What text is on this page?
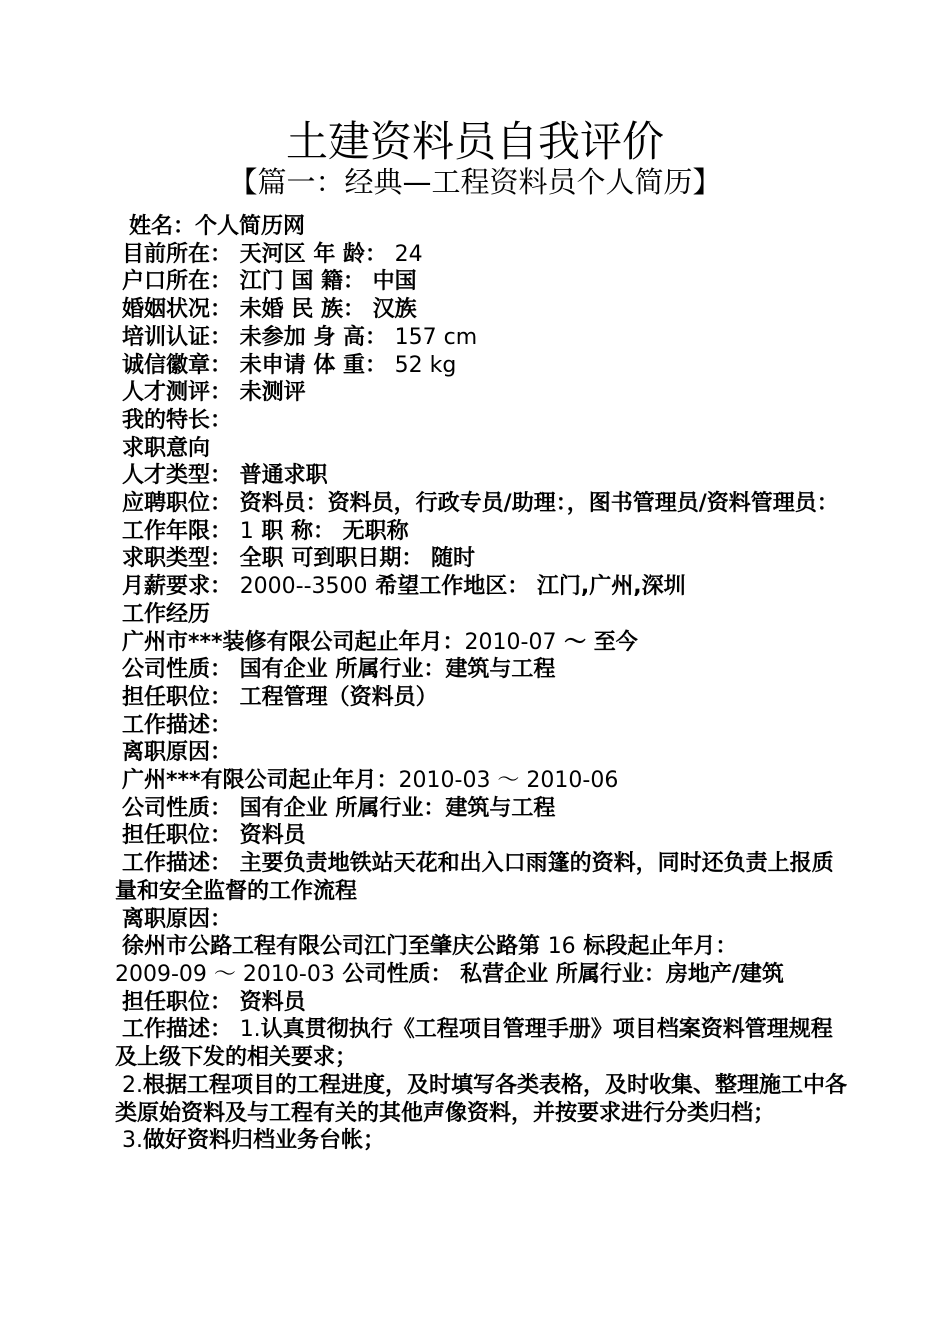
土建资料员自我评价
【篇一：经典—工程资料员个人简历】
姓名：个人简历网
目前所在： 天河区 年 龄： 24
户口所在： 江门 国 籍： 中国
婚姻状况： 未婚 民 族： 汉族
培训认证： 未参加 身 高： 157 cm
诚信徽章： 未申请 体 重： 52 kg
人才测评： 未测评
我的特长：
求职意向
人才类型： 普通求职
应聘职位： 资料员：资料员，行政专员/助理：，图书管理员/资料管理员：
工作年限： 1 职 称： 无职称
求职类型： 全职 可到职日期： 随时
月薪要求： 2000--3500 希望工作地区： 江门,广州,深圳
工作经历
广州市***装修有限公司起止年月：2010-07 ～ 至今
公司性质： 国有企业 所属行业：建筑与工程
担任职位： 工程管理（资料员）
工作描述：
离职原因：
广州***有限公司起止年月：2010-03 ～ 2010-06
公司性质： 国有企业 所属行业：建筑与工程
担任职位： 资料员
工作描述： 主要负责地铁站天花和出入口雨篷的资料，同时还负责上报质量和安全监督的工作流程
离职原因：
徐州市公路工程有限公司江门至肇庆公路第 16 标段起止年月：
2009-09 ～ 2010-03 公司性质： 私营企业 所属行业：房地产/建筑
担任职位： 资料员
工作描述： 1.认真贯彻执行《工程项目管理手册》项目档案资料管理规程及上级下发的相关要求；
2.根据工程项目的工程进度，及时填写各类表格，及时收集、整理施工中各类原始资料及与工程有关的其他声像资料，并按要求进行分类归档；
3.做好资料归档业务台帐；
